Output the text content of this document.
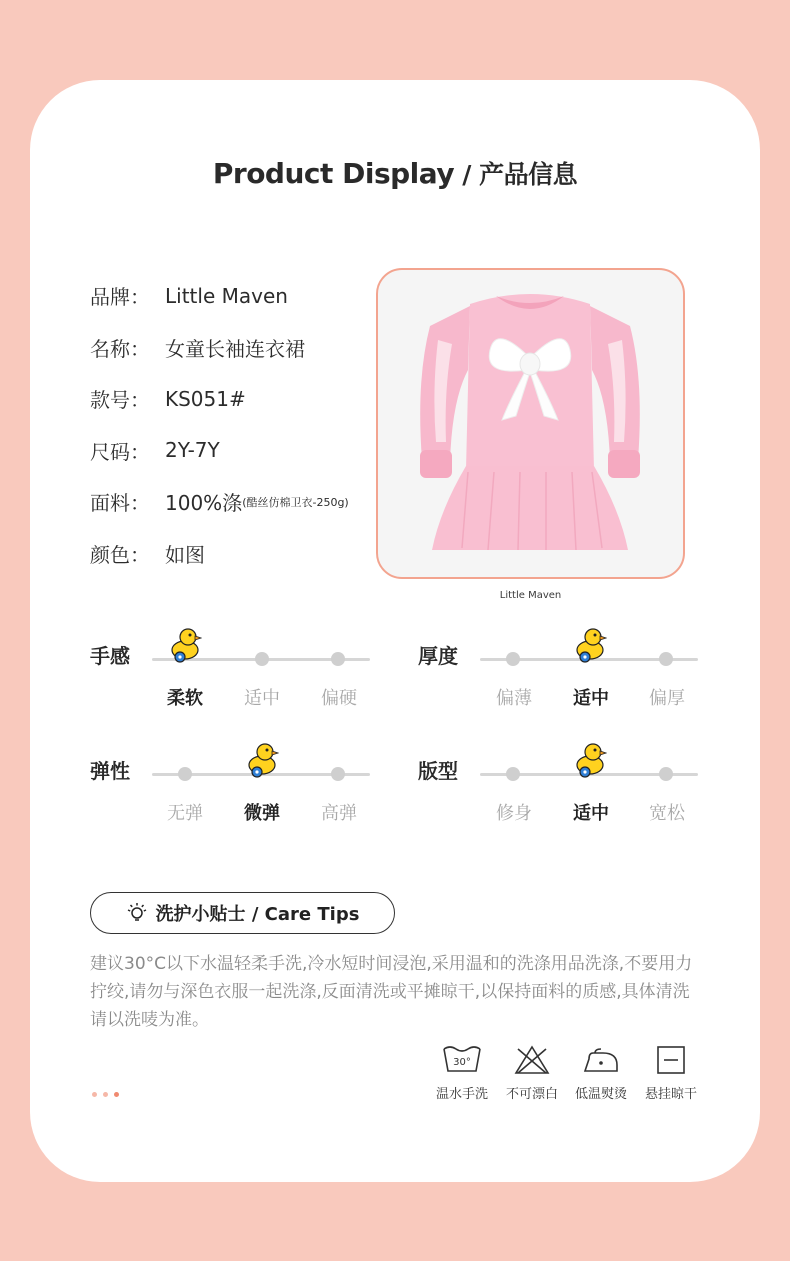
Product Display / 产品信息
品牌： Little Maven
名称： 女童长袖连衣裙
款号： KS051#
尺码： 2Y-7Y
面料： 100%涤 (酷丝仿棉卫衣-250g)
颜色： 如图
Little Maven
手感
柔软	适中	偏硬
厚度
偏薄	适中	偏厚
弹性
无弹	微弹	高弹
版型
修身	适中	宽松
洗护小贴士 / Care Tips
建议30°C以下水温轻柔手洗,冷水短时间浸泡,采用温和的洗涤用品洗涤,不要用力拧绞,请勿与深色衣服一起洗涤,反面清洗或平摊晾干,以保持面料的质感,具体清洗请以洗唛为准。
30°
温水手洗	不可漂白	低温熨烫	悬挂晾干
